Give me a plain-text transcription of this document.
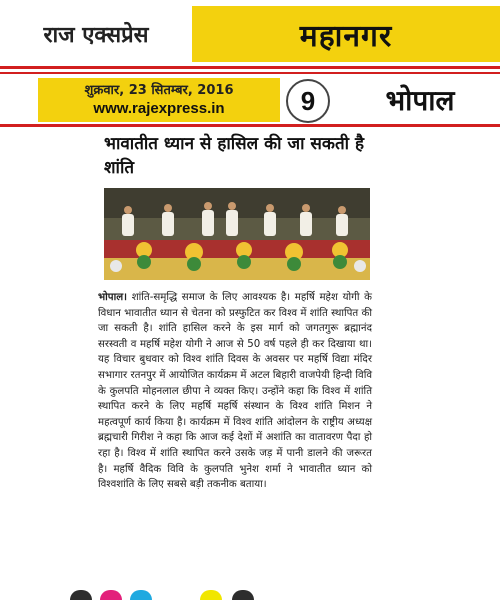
राज एक्सप्रेस	महानगर
शुक्रवार, 23 सितम्बर, 2016
www.rajexpress.in	9	भोपाल
भावातीत ध्यान से हासिल की जा सकती है शांति
भोपाल। शांति-समृद्धि समाज के लिए आवश्यक है। महर्षि महेश योगी के विधान भावातीत ध्यान से चेतना को प्रस्फुटित कर विश्व में शांति स्थापित की जा सकती है। शांति हासिल करने के इस मार्ग को जगतगुरू ब्रह्मानंद सरस्वती व महर्षि महेश योगी ने आज से 50 वर्ष पहले ही कर दिखाया था। यह विचार बुधवार को विश्व शांति दिवस के अवसर पर महर्षि विद्या मंदिर सभागार रतनपुर में आयोजित कार्यक्रम में अटल बिहारी वाजपेयी हिन्दी विवि के कुलपति मोहनलाल छीपा ने व्यक्त किए। उन्होंने कहा कि विश्व में शांति स्थापित करने के लिए महर्षि महर्षि संस्थान के विश्व शांति मिशन ने महत्वपूर्ण कार्य किया है। कार्यक्रम में विश्व शांति आंदोलन के राष्ट्रीय अध्यक्ष ब्रह्मचारी गिरीश ने कहा कि आज कई देशों में अशांति का वातावरण पैदा हो रहा है। विश्व में शांति स्थापित करने उसके जड़ में पानी डालने की जरूरत है। महर्षि वैदिक विवि के कुलपति भुनेश शर्मा ने भावातीत ध्यान को विश्वशांति के लिए सबसे बड़ी तकनीक बताया।
